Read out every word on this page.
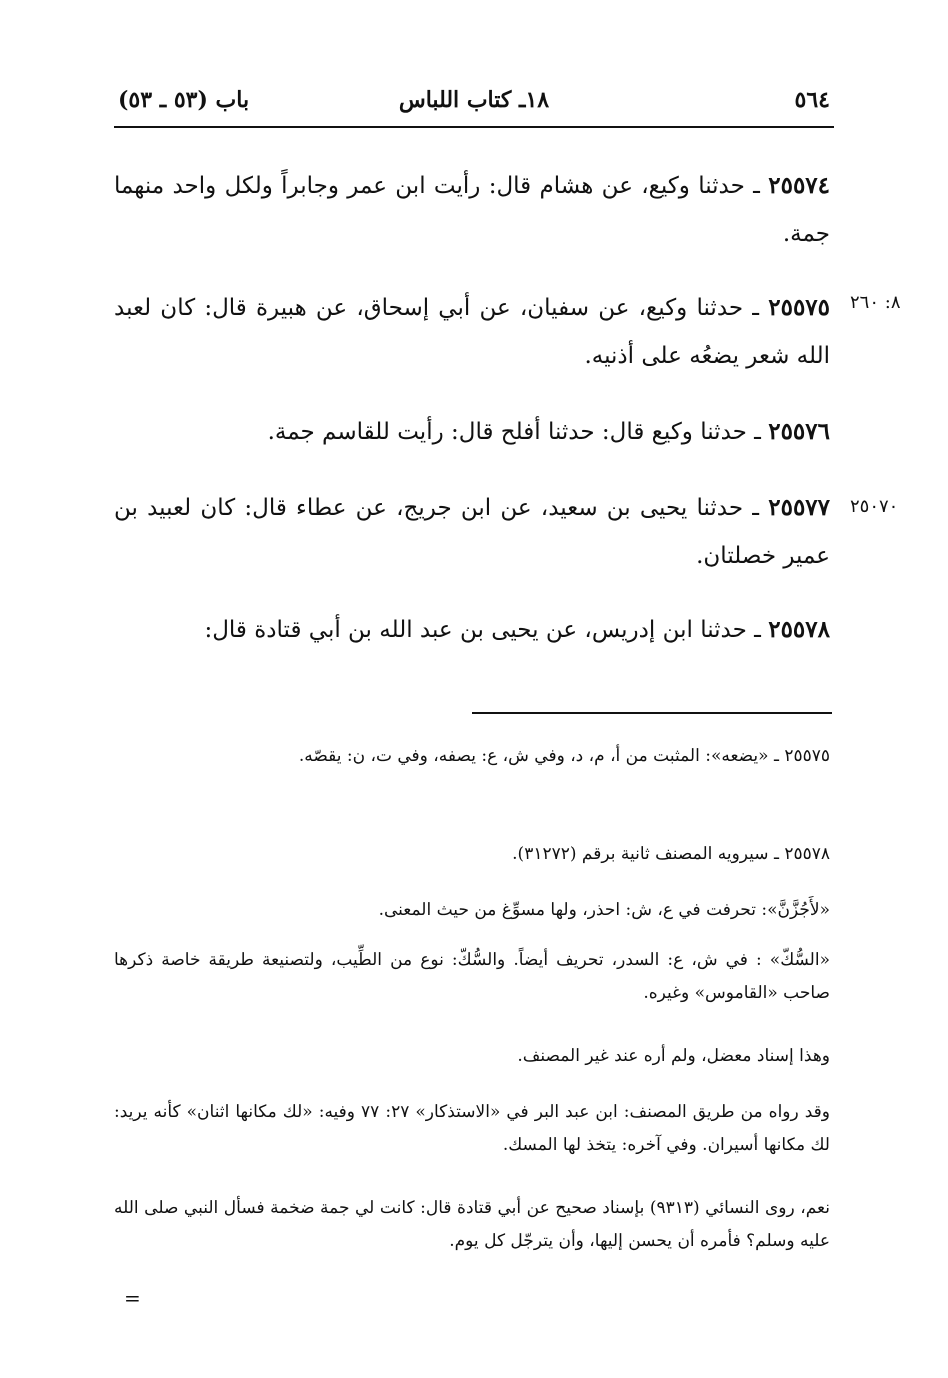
٥٦٤
١٨ـ كتاب اللباس
باب (٥٣ ـ ٥٣)
٢٥٥٧٤ ـ حدثنا وكيع، عن هشام قال: رأيت ابن عمر وجابراً ولكل واحد منهما جمة.
٨: ٢٦٠
٢٥٥٧٥ ـ حدثنا وكيع، عن سفيان، عن أبي إسحاق، عن هبيرة قال: كان لعبد الله شعر يضعُه على أذنيه.
٢٥٥٧٦ ـ حدثنا وكيع قال: حدثنا أفلح قال: رأيت للقاسم جمة.
٢٥٠٧٠
٢٥٥٧٧ ـ حدثنا يحيى بن سعيد، عن ابن جريج، عن عطاء قال: كان لعبيد بن عمير خصلتان.
٢٥٥٧٨ ـ حدثنا ابن إدريس، عن يحيى بن عبد الله بن أبي قتادة قال:
٢٥٥٧٥ ـ «يضعه»: المثبت من أ، م، د، وفي ش، ع: يصفه، وفي ت، ن: يقصّه.
٢٥٥٧٨ ـ سيرويه المصنف ثانية برقم (٣١٢٧٢).
«لأَجُزَّنَّ»: تحرفت في ع، ش: احذر، ولها مسوِّغ من حيث المعنى.
«السُّكّ» : في ش، ع: السدر، تحريف أيضاً. والسُّكّ: نوع من الطِّيب، ولتصنيعة طريقة خاصة ذكرها صاحب «القاموس» وغيره.
وهذا إسناد معضل، ولم أره عند غير المصنف.
وقد رواه من طريق المصنف: ابن عبد البر في «الاستذكار» ٢٧: ٧٧ وفيه: «لك مكانها اثنان» كأنه يريد: لك مكانها أسيران. وفي آخره: يتخذ لها المسك.
نعم، روى النسائي (٩٣١٣) بإسناد صحيح عن أبي قتادة قال: كانت لي جمة ضخمة فسأل النبي صلى الله عليه وسلم؟ فأمره أن يحسن إليها، وأن يترجّل كل يوم.
=
